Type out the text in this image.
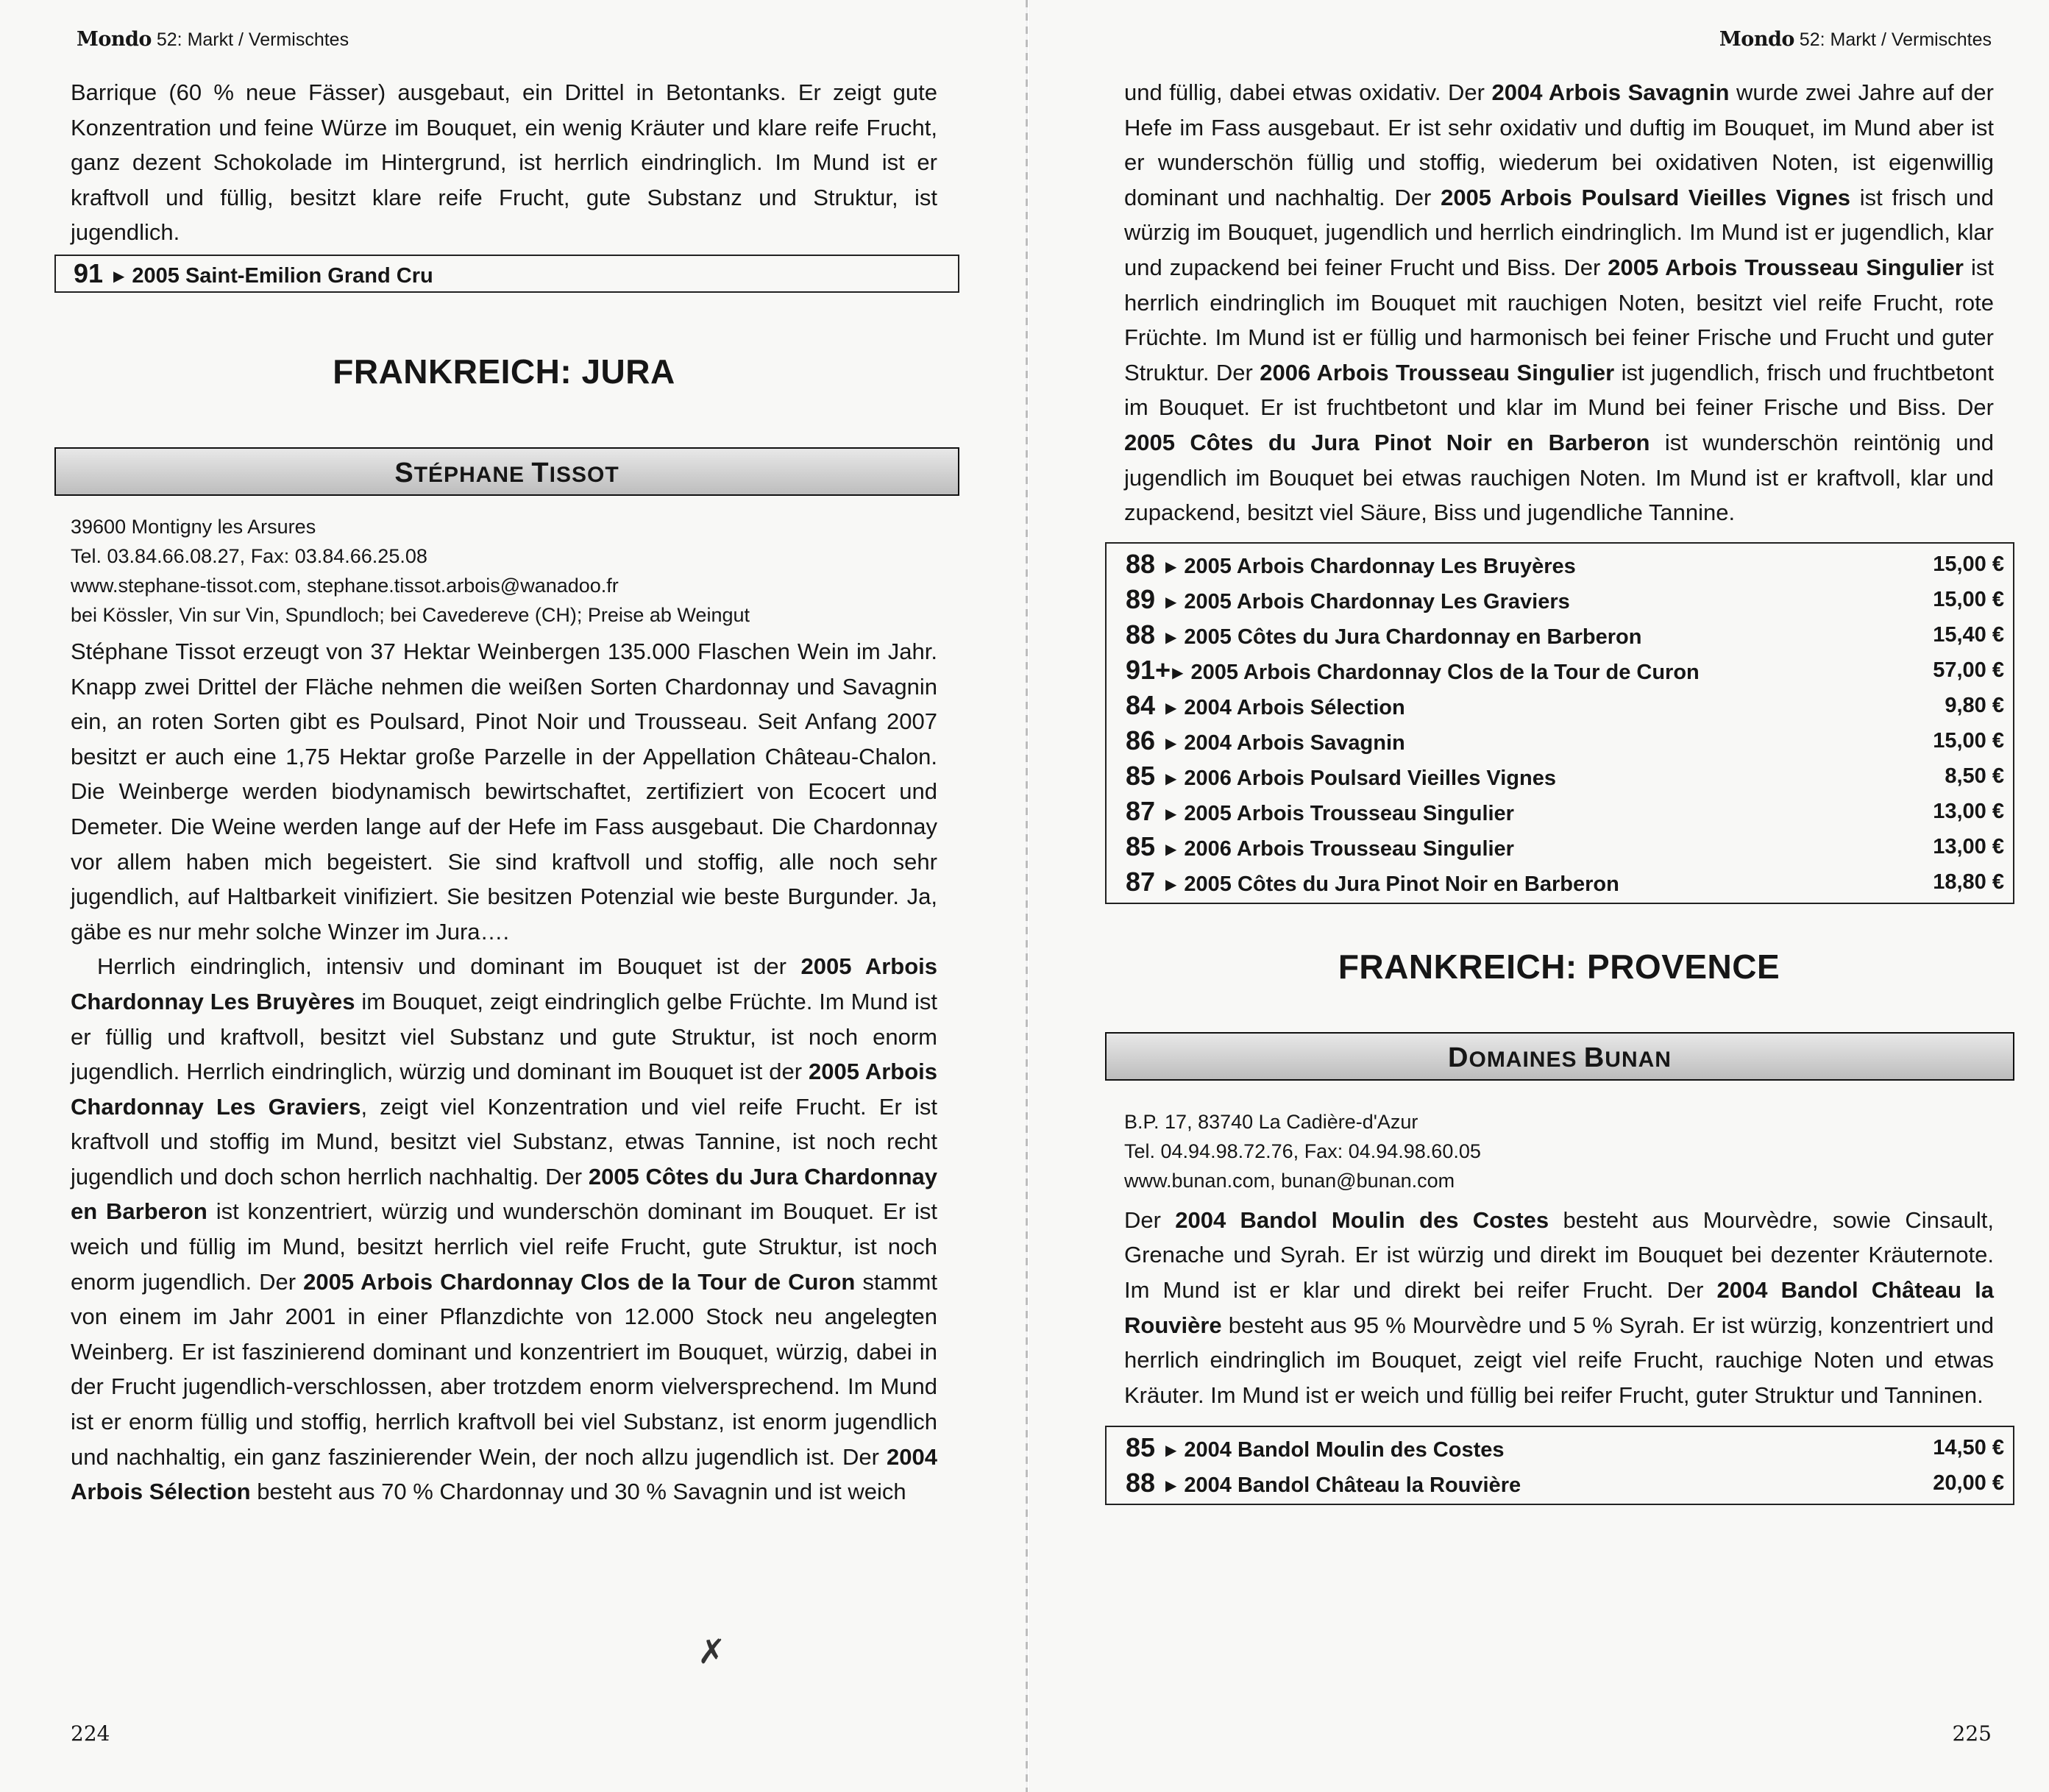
Mondo 52: Markt / Vermischtes

Barrique (60 % neue Fässer) ausgebaut, ein Drittel in Betontanks. Er zeigt gute Konzentration und feine Würze im Bouquet, ein wenig Kräuter und klare reife Frucht, ganz dezent Schokolade im Hintergrund, ist herrlich eindringlich. Im Mund ist er kraftvoll und füllig, besitzt klare reife Frucht, gute Substanz und Struktur, ist jugendlich.

91 ▶ 2005 Saint-Emilion Grand Cru

FRANKREICH: JURA

STÉPHANE TISSOT

39600 Montigny les Arsures

Tel. 03.84.66.08.27, Fax: 03.84.66.25.08

www.stephane-tissot.com, stephane.tissot.arbois@wanadoo.fr

bei Kössler, Vin sur Vin, Spundloch; bei Cavedereve (CH); Preise ab Weingut

Stéphane Tissot erzeugt von 37 Hektar Weinbergen 135.000 Flaschen Wein im Jahr. Knapp zwei Drittel der Fläche nehmen die weißen Sorten Chardonnay und Savagnin ein, an roten Sorten gibt es Poulsard, Pinot Noir und Trousseau. Seit Anfang 2007 besitzt er auch eine 1,75 Hektar große Parzelle in der Appellation Château-Chalon. Die Weinberge werden biodynamisch bewirtschaftet, zertifiziert von Ecocert und Demeter. Die Weine werden lange auf der Hefe im Fass ausgebaut. Die Chardonnay vor allem haben mich begeistert. Sie sind kraftvoll und stoffig, alle noch sehr jugendlich, auf Haltbarkeit vinifiziert. Sie besitzen Potenzial wie beste Burgunder. Ja, gäbe es nur mehr solche Winzer im Jura….

Herrlich eindringlich, intensiv und dominant im Bouquet ist der 2005 Arbois Chardonnay Les Bruyères im Bouquet, zeigt eindringlich gelbe Früchte. Im Mund ist er füllig und kraftvoll, besitzt viel Substanz und gute Struktur, ist noch enorm jugendlich. Herrlich eindringlich, würzig und dominant im Bouquet ist der 2005 Arbois Chardonnay Les Graviers, zeigt viel Konzentration und viel reife Frucht. Er ist kraftvoll und stoffig im Mund, besitzt viel Substanz, etwas Tannine, ist noch recht jugendlich und doch schon herrlich nachhaltig. Der 2005 Côtes du Jura Chardonnay en Barberon ist konzentriert, würzig und wunderschön dominant im Bouquet. Er ist weich und füllig im Mund, besitzt herrlich viel reife Frucht, gute Struktur, ist noch enorm jugendlich. Der 2005 Arbois Chardonnay Clos de la Tour de Curon stammt von einem im Jahr 2001 in einer Pflanzdichte von 12.000 Stock neu angelegten Weinberg. Er ist faszinierend dominant und konzentriert im Bouquet, würzig, dabei in der Frucht jugendlich-verschlossen, aber trotzdem enorm vielversprechend. Im Mund ist er enorm füllig und stoffig, herrlich kraftvoll bei viel Substanz, ist enorm jugendlich und nachhaltig, ein ganz faszinierender Wein, der noch allzu jugendlich ist. Der 2004 Arbois Sélection besteht aus 70 % Chardonnay und 30 % Savagnin und ist weich

✗
224
Mondo 52: Markt / Vermischtes

und füllig, dabei etwas oxidativ. Der 2004 Arbois Savagnin wurde zwei Jahre auf der Hefe im Fass ausgebaut. Er ist sehr oxidativ und duftig im Bouquet, im Mund aber ist er wunderschön füllig und stoffig, wiederum bei oxidativen Noten, ist eigenwillig dominant und nachhaltig. Der 2005 Arbois Poulsard Vieilles Vignes ist frisch und würzig im Bouquet, jugendlich und herrlich eindringlich. Im Mund ist er jugendlich, klar und zupackend bei feiner Frucht und Biss. Der 2005 Arbois Trousseau Singulier ist herrlich eindringlich im Bouquet mit rauchigen Noten, besitzt viel reife Frucht, rote Früchte. Im Mund ist er füllig und harmonisch bei feiner Frische und Frucht und guter Struktur. Der 2006 Arbois Trousseau Singulier ist jugendlich, frisch und fruchtbetont im Bouquet. Er ist fruchtbetont und klar im Mund bei feiner Frische und Biss. Der 2005 Côtes du Jura Pinot Noir en Barberon ist wunderschön reintönig und jugendlich im Bouquet bei etwas rauchigen Noten. Im Mund ist er kraftvoll, klar und zupackend, besitzt viel Säure, Biss und jugendliche Tannine.

88 ▶ 2005 Arbois Chardonnay Les Bruyères	15,00 €
89 ▶ 2005 Arbois Chardonnay Les Graviers	15,00 €
88 ▶ 2005 Côtes du Jura Chardonnay en Barberon	15,40 €
91+ ▶ 2005 Arbois Chardonnay Clos de la Tour de Curon	57,00 €
84 ▶ 2004 Arbois Sélection	9,80 €
86 ▶ 2004 Arbois Savagnin	15,00 €
85 ▶ 2006 Arbois Poulsard Vieilles Vignes	8,50 €
87 ▶ 2005 Arbois Trousseau Singulier	13,00 €
85 ▶ 2006 Arbois Trousseau Singulier	13,00 €
87 ▶ 2005 Côtes du Jura Pinot Noir en Barberon	18,80 €

FRANKREICH: PROVENCE

DOMAINES BUNAN

B.P. 17, 83740 La Cadière-d'Azur

Tel. 04.94.98.72.76, Fax: 04.94.98.60.05

www.bunan.com, bunan@bunan.com

Der 2004 Bandol Moulin des Costes besteht aus Mourvèdre, sowie Cinsault, Grenache und Syrah. Er ist würzig und direkt im Bouquet bei dezenter Kräuternote. Im Mund ist er klar und direkt bei reifer Frucht. Der 2004 Bandol Château la Rouvière besteht aus 95 % Mourvèdre und 5 % Syrah. Er ist würzig, konzentriert und herrlich eindringlich im Bouquet, zeigt viel reife Frucht, rauchige Noten und etwas Kräuter. Im Mund ist er weich und füllig bei reifer Frucht, guter Struktur und Tanninen.

85 ▶ 2004 Bandol Moulin des Costes	14,50 €
88 ▶ 2004 Bandol Château la Rouvière	20,00 €
225
